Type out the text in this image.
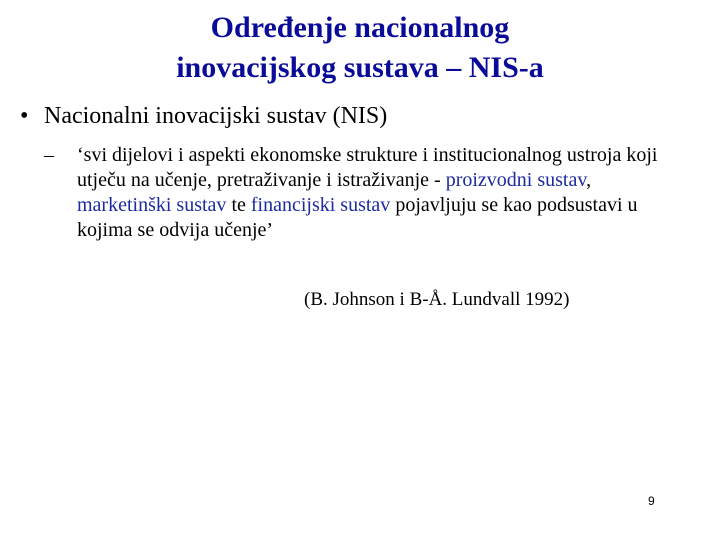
Određenje nacionalnog
inovacijskog sustava – NIS-a
• Nacionalni inovacijski sustav (NIS)
– ‘svi dijelovi i aspekti ekonomske strukture i institucionalnog ustroja koji utječu na učenje, pretraživanje i istraživanje - proizvodni sustav, marketinški sustav te financijski sustav pojavljuju se kao podsustavi u kojima se odvija učenje’
(B. Johnson i B-Å. Lundvall 1992)
9
